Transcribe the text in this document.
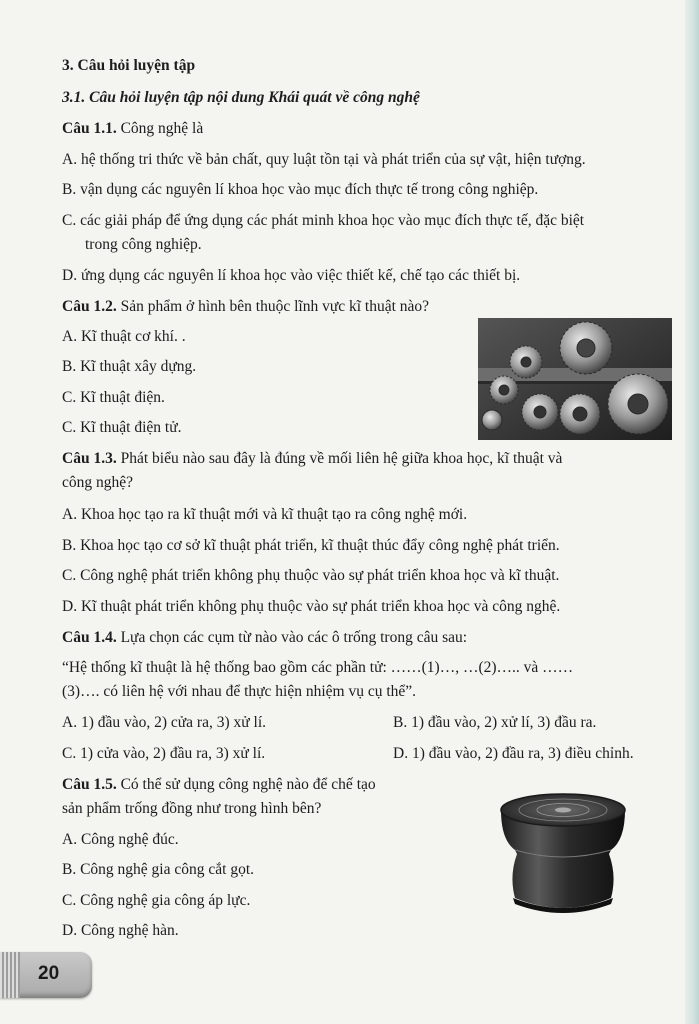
3. Câu hỏi luyện tập
3.1. Câu hỏi luyện tập nội dung Khái quát về công nghệ
Câu 1.1. Công nghệ là
A. hệ thống tri thức về bản chất, quy luật tồn tại và phát triển của sự vật, hiện tượng.
B. vận dụng các nguyên lí khoa học vào mục đích thực tế trong công nghiệp.
C. các giải pháp để ứng dụng các phát minh khoa học vào mục đích thực tế, đặc biệt
trong công nghiệp.
D. ứng dụng các nguyên lí khoa học vào việc thiết kế, chế tạo các thiết bị.
Câu 1.2. Sản phẩm ở hình bên thuộc lĩnh vực kĩ thuật nào?
A. Kĩ thuật cơ khí. .
B. Kĩ thuật xây dựng.
C. Kĩ thuật điện.
C. Kĩ thuật điện tử.
Câu 1.3. Phát biểu nào sau đây là đúng về mối liên hệ giữa khoa học, kĩ thuật và
công nghệ?
A. Khoa học tạo ra kĩ thuật mới và kĩ thuật tạo ra công nghệ mới.
B. Khoa học tạo cơ sở kĩ thuật phát triển, kĩ thuật thúc đẩy công nghệ phát triển.
C. Công nghệ phát triển không phụ thuộc vào sự phát triển khoa học và kĩ thuật.
D. Kĩ thuật phát triển không phụ thuộc vào sự phát triển khoa học và công nghệ.
Câu 1.4. Lựa chọn các cụm từ nào vào các ô trống trong câu sau:
“Hệ thống kĩ thuật là hệ thống bao gồm các phần tử: ……(1)…, …(2)….. và ……
(3)…. có liên hệ với nhau để thực hiện nhiệm vụ cụ thể”.
A. 1) đầu vào, 2) cửa ra, 3) xử lí.	B. 1) đầu vào, 2) xử lí, 3) đầu ra.
C. 1) cửa vào, 2) đầu ra, 3) xử lí.	D. 1) đầu vào, 2) đầu ra, 3) điều chỉnh.
Câu 1.5. Có thể sử dụng công nghệ nào để chế tạo
sản phẩm trống đồng như trong hình bên?
A. Công nghệ đúc.
B. Công nghệ gia công cắt gọt.
C. Công nghệ gia công áp lực.
D. Công nghệ hàn.
20
